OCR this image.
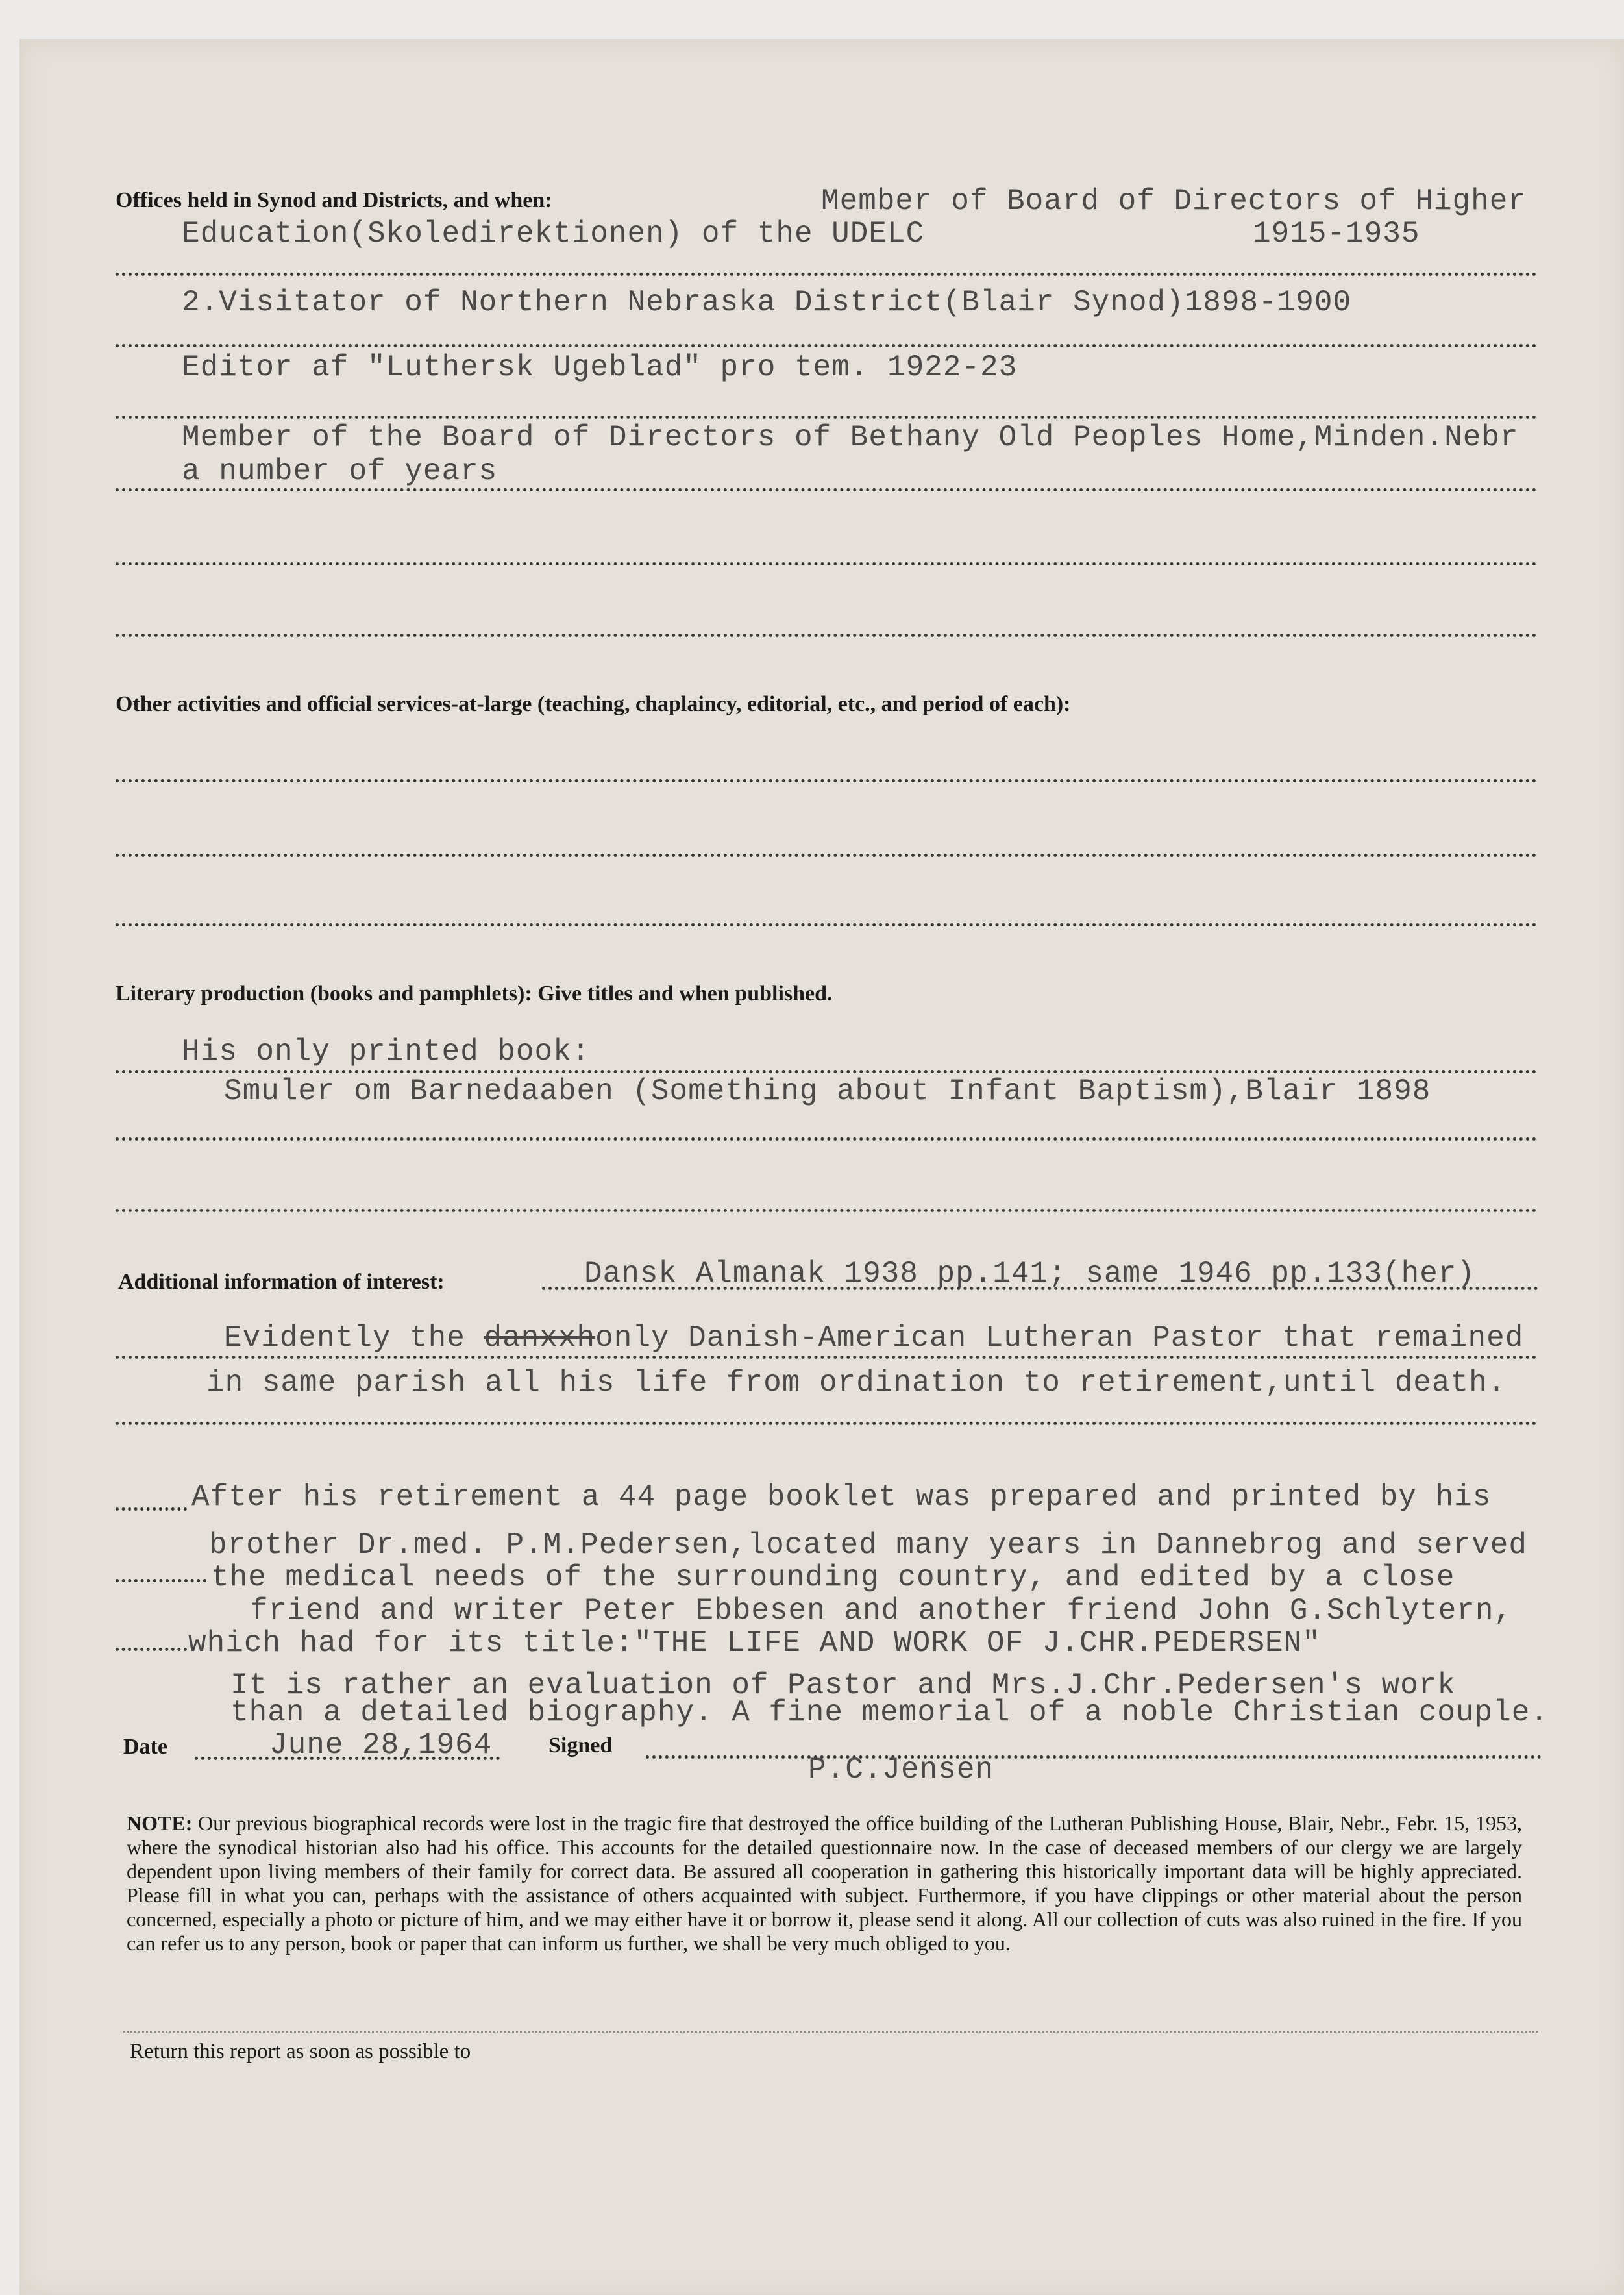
Offices held in Synod and Districts, and when:	Member of Board of Directors of Higher
Education(Skoledirektionen) of the UDELC	1915-1935
2.Visitator of Northern Nebraska District(Blair Synod)1898-1900
Editor af "Luthersk Ugeblad" pro tem. 1922-23
Member of the Board of Directors of Bethany Old Peoples Home,Minden.Nebr
a number of years
Other activities and official services-at-large (teaching, chaplaincy, editorial, etc., and period of each):
Literary production (books and pamphlets): Give titles and when published.
His only printed book:
Smuler om Barnedaaben (Something about Infant Baptism),Blair 1898
Additional information of interest:	Dansk Almanak 1938 pp.141; same 1946 pp.133(her)
Evidently the danxxhonly Danish-American Lutheran Pastor that remained
in same parish all his life from ordination to retirement,until death.
After his retirement a 44 page booklet was prepared and printed by his
brother Dr.med. P.M.Pedersen,located many years in Dannebrog and served
the medical needs of the surrounding country, and edited by a close
friend and writer Peter Ebbesen and another friend John G.Schlytern,
which had for its title:"THE LIFE AND WORK OF J.CHR.PEDERSEN"
It is rather an evaluation of Pastor and Mrs.J.Chr.Pedersen's work
than a detailed biography. A fine memorial of a noble Christian couple.
Date	June 28,1964	Signed
P.C.Jensen
NOTE: Our previous biographical records were lost in the tragic fire that destroyed the office building of the Lutheran Publishing House, Blair, Nebr., Febr. 15, 1953, where the synodical historian also had his office. This accounts for the detailed questionnaire now. In the case of deceased members of our clergy we are largely dependent upon living members of their family for correct data. Be assured all cooperation in gathering this historically important data will be highly appreciated. Please fill in what you can, perhaps with the assistance of others acquainted with subject. Furthermore, if you have clippings or other material about the person concerned, especially a photo or picture of him, and we may either have it or borrow it, please send it along. All our collection of cuts was also ruined in the fire. If you can refer us to any person, book or paper that can inform us further, we shall be very much obliged to you.
Return this report as soon as possible to
